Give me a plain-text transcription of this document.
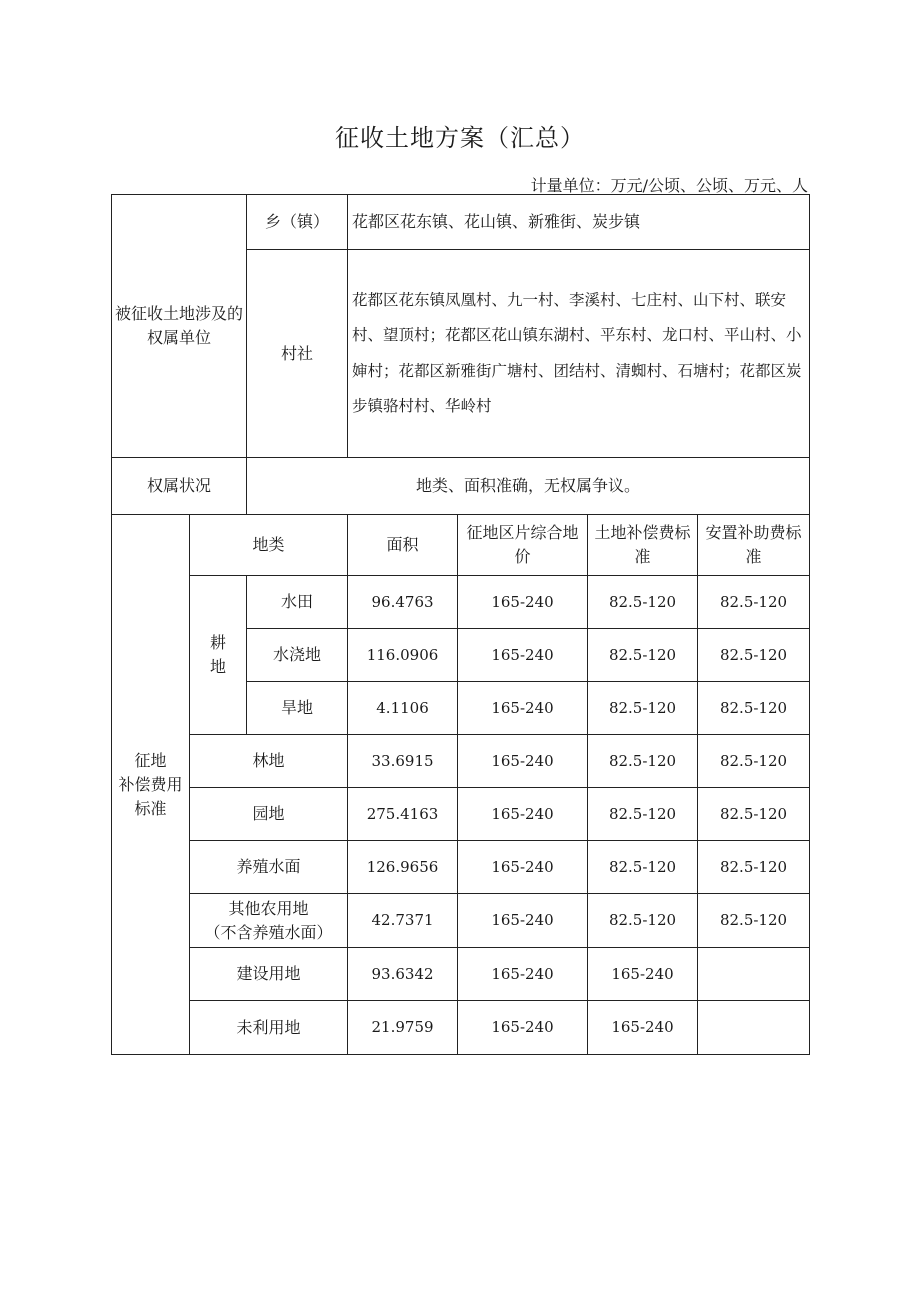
征收土地方案（汇总）
计量单位：万元/公顷、公顷、万元、人
被征收土地涉及的权属单位		乡（镇）	花都区花东镇、花山镇、新雅街、炭步镇			
		村社	花都区花东镇凤凰村、九一村、李溪村、七庄村、山下村、联安村、望顶村；花都区花山镇东湖村、平东村、龙口村、平山村、小婶村；花都区新雅街广塘村、团结村、清蜘村、石塘村；花都区炭步镇骆村村、华岭村			
权属状况		地类、面积准确，无权属争议。				

征地
补偿费用
标准	地类		面积	征地区片综合地价	土地补偿费标准	安置补助费标准

	耕
地	水田	96.4763	165-240	82.5-120	82.5-120
		水浇地	116.0906	165-240	82.5-120	82.5-120
		旱地	4.1106	165-240	82.5-120	82.5-120
	林地		33.6915	165-240	82.5-120	82.5-120
	园地		275.4163	165-240	82.5-120	82.5-120
	养殖水面		126.9656	165-240	82.5-120	82.5-120

	其他农用地
（不含养殖水面）		42.7371	165-240	82.5-120	82.5-120
	建设用地		93.6342	165-240	165-240	
	未利用地		21.9759	165-240	165-240	
